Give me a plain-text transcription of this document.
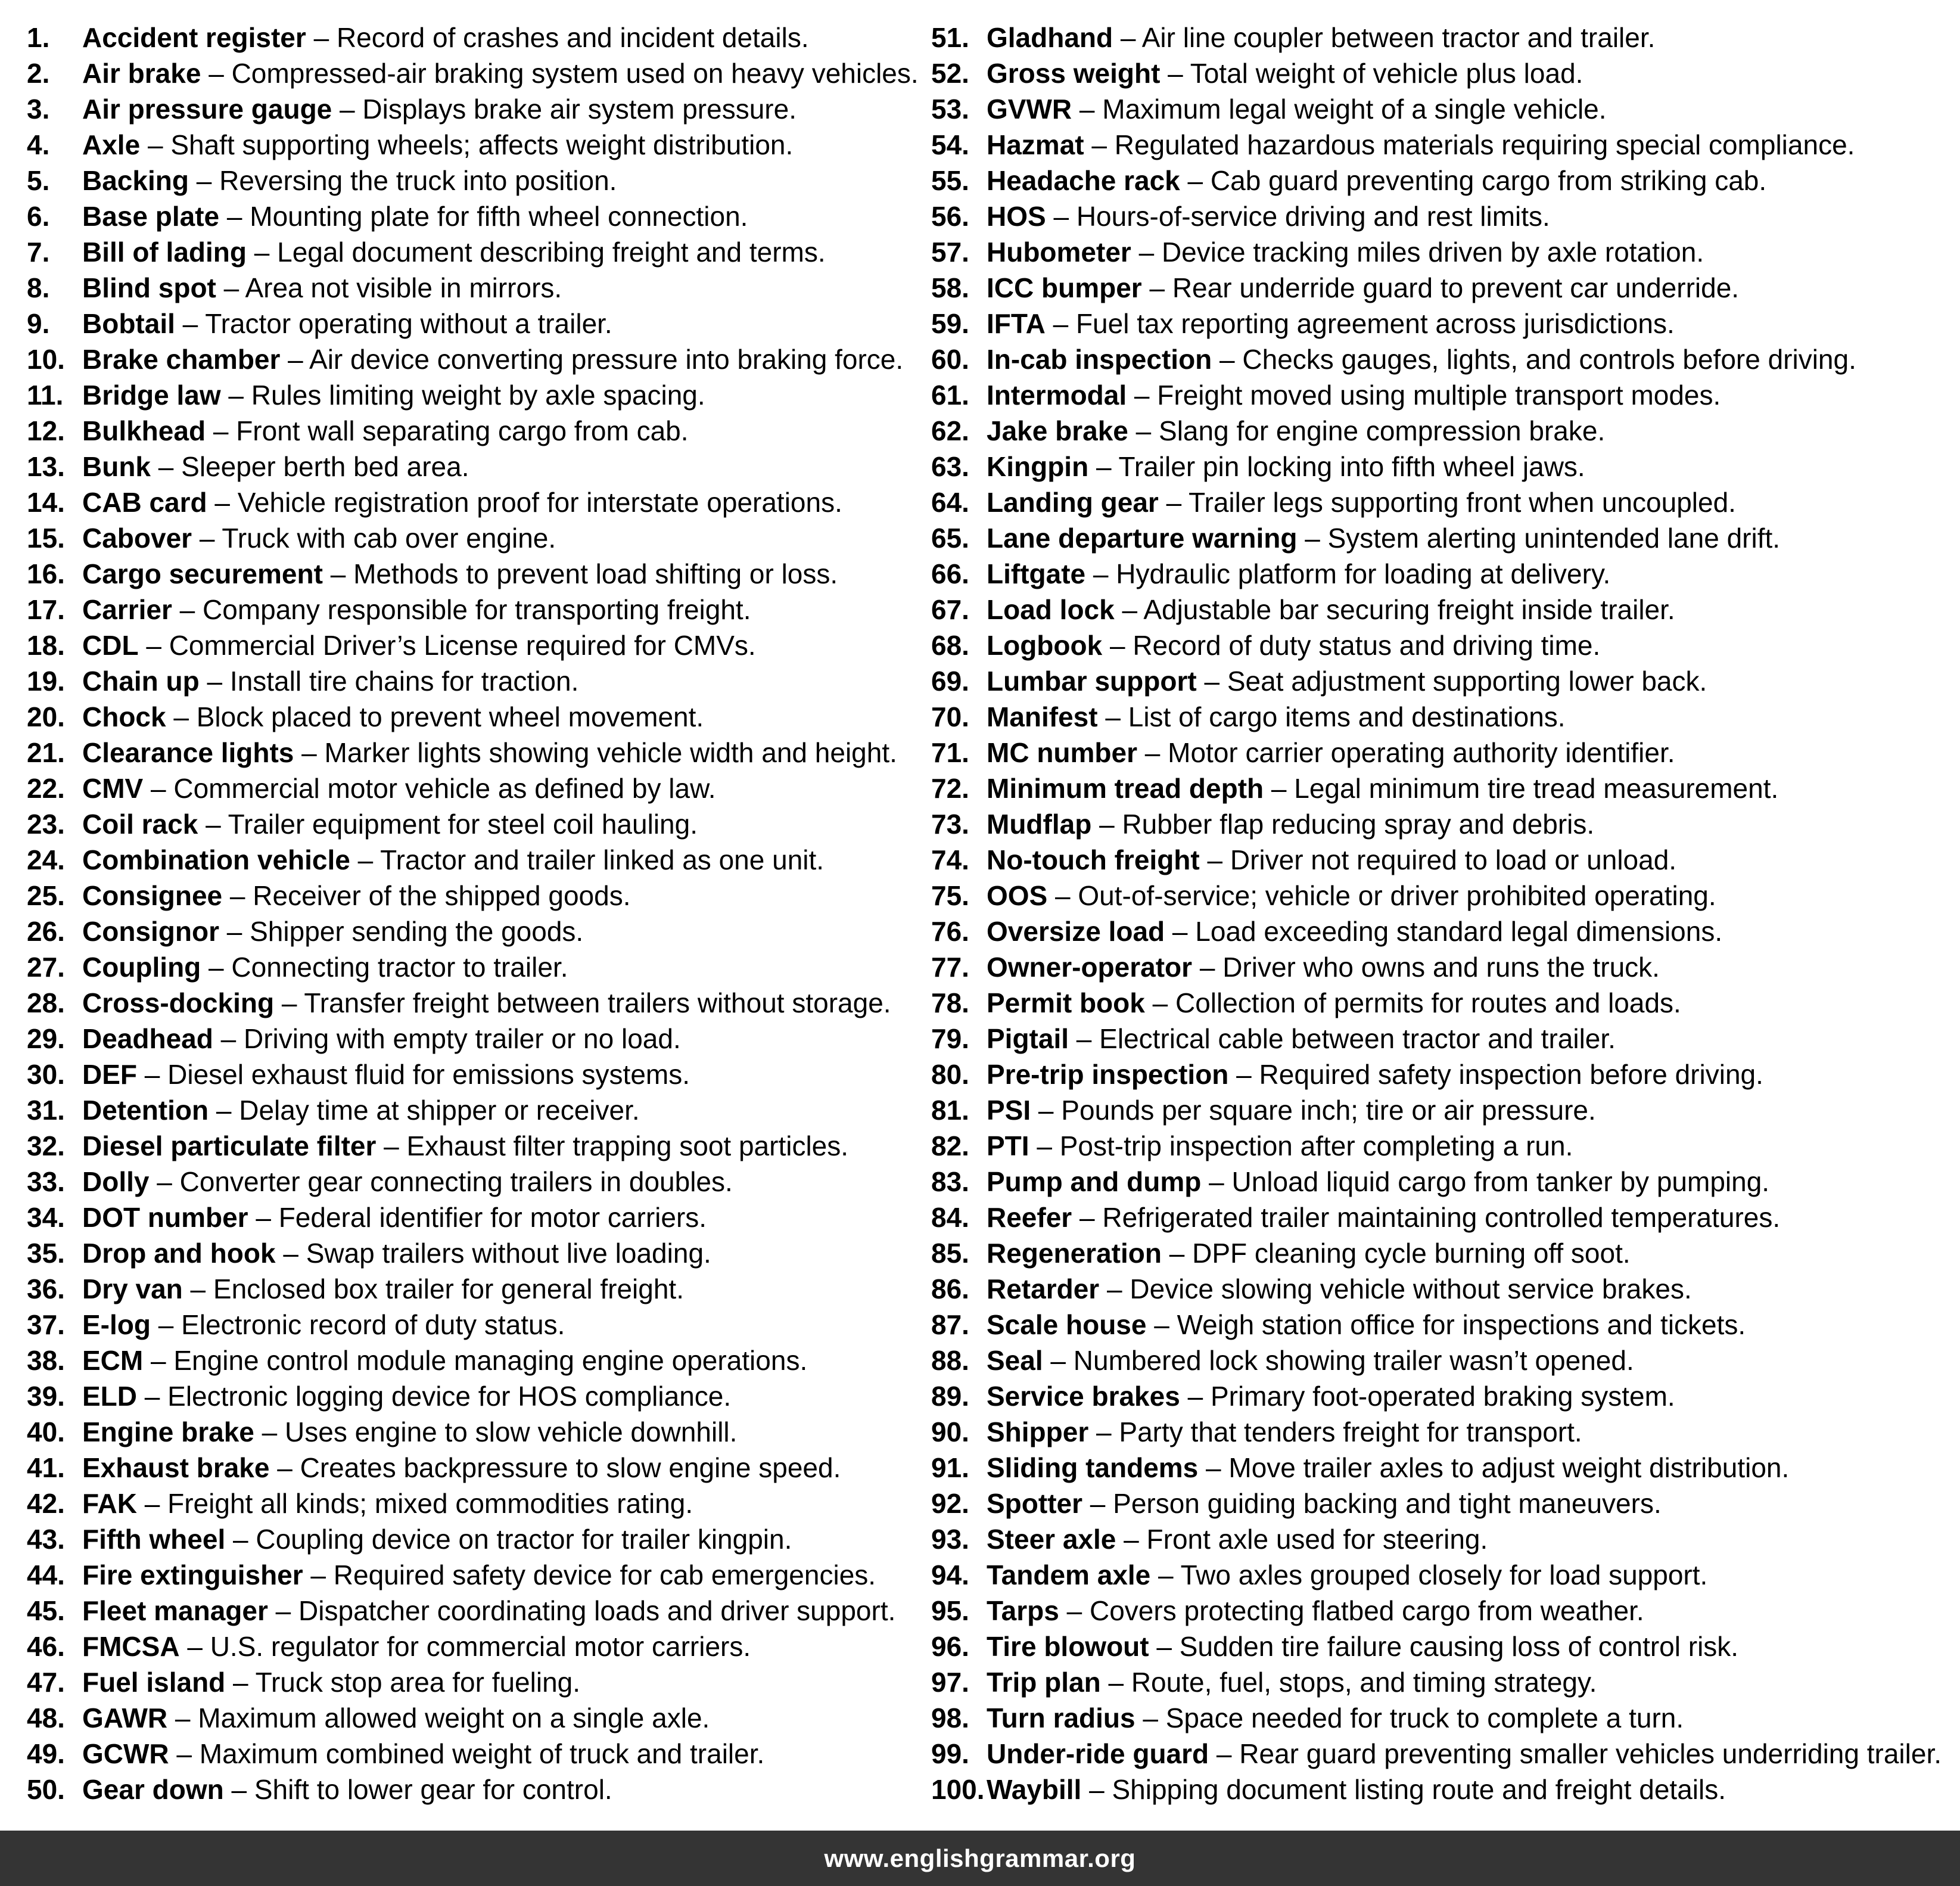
1.	Accident register – Record of crashes and incident details.
2.	Air brake – Compressed-air braking system used on heavy vehicles.
3.	Air pressure gauge – Displays brake air system pressure.
4.	Axle – Shaft supporting wheels; affects weight distribution.
5.	Backing – Reversing the truck into position.
6.	Base plate – Mounting plate for fifth wheel connection.
7.	Bill of lading – Legal document describing freight and terms.
8.	Blind spot – Area not visible in mirrors.
9.	Bobtail – Tractor operating without a trailer.
10. Brake chamber – Air device converting pressure into braking force.
11. Bridge law – Rules limiting weight by axle spacing.
12. Bulkhead – Front wall separating cargo from cab.
13. Bunk – Sleeper berth bed area.
14. CAB card – Vehicle registration proof for interstate operations.
15. Cabover – Truck with cab over engine.
16. Cargo securement – Methods to prevent load shifting or loss.
17. Carrier – Company responsible for transporting freight.
18. CDL – Commercial Driver’s License required for CMVs.
19. Chain up – Install tire chains for traction.
20. Chock – Block placed to prevent wheel movement.
21. Clearance lights – Marker lights showing vehicle width and height.
22. CMV – Commercial motor vehicle as defined by law.
23. Coil rack – Trailer equipment for steel coil hauling.
24. Combination vehicle – Tractor and trailer linked as one unit.
25. Consignee – Receiver of the shipped goods.
26. Consignor – Shipper sending the goods.
27. Coupling – Connecting tractor to trailer.
28. Cross-docking – Transfer freight between trailers without storage.
29. Deadhead – Driving with empty trailer or no load.
30. DEF – Diesel exhaust fluid for emissions systems.
31. Detention – Delay time at shipper or receiver.
32. Diesel particulate filter – Exhaust filter trapping soot particles.
33. Dolly – Converter gear connecting trailers in doubles.
34. DOT number – Federal identifier for motor carriers.
35. Drop and hook – Swap trailers without live loading.
36. Dry van – Enclosed box trailer for general freight.
37. E-log – Electronic record of duty status.
38. ECM – Engine control module managing engine operations.
39. ELD – Electronic logging device for HOS compliance.
40. Engine brake – Uses engine to slow vehicle downhill.
41. Exhaust brake – Creates backpressure to slow engine speed.
42. FAK – Freight all kinds; mixed commodities rating.
43. Fifth wheel – Coupling device on tractor for trailer kingpin.
44. Fire extinguisher – Required safety device for cab emergencies.
45. Fleet manager – Dispatcher coordinating loads and driver support.
46. FMCSA – U.S. regulator for commercial motor carriers.
47. Fuel island – Truck stop area for fueling.
48. GAWR – Maximum allowed weight on a single axle.
49. GCWR – Maximum combined weight of truck and trailer.
50. Gear down – Shift to lower gear for control.
51. Gladhand – Air line coupler between tractor and trailer.
52. Gross weight – Total weight of vehicle plus load.
53. GVWR – Maximum legal weight of a single vehicle.
54. Hazmat – Regulated hazardous materials requiring special compliance.
55. Headache rack – Cab guard preventing cargo from striking cab.
56. HOS – Hours-of-service driving and rest limits.
57. Hubometer – Device tracking miles driven by axle rotation.
58. ICC bumper – Rear underride guard to prevent car underride.
59. IFTA – Fuel tax reporting agreement across jurisdictions.
60. In-cab inspection – Checks gauges, lights, and controls before driving.
61. Intermodal – Freight moved using multiple transport modes.
62. Jake brake – Slang for engine compression brake.
63. Kingpin – Trailer pin locking into fifth wheel jaws.
64. Landing gear – Trailer legs supporting front when uncoupled.
65. Lane departure warning – System alerting unintended lane drift.
66. Liftgate – Hydraulic platform for loading at delivery.
67. Load lock – Adjustable bar securing freight inside trailer.
68. Logbook – Record of duty status and driving time.
69. Lumbar support – Seat adjustment supporting lower back.
70. Manifest – List of cargo items and destinations.
71. MC number – Motor carrier operating authority identifier.
72. Minimum tread depth – Legal minimum tire tread measurement.
73. Mudflap – Rubber flap reducing spray and debris.
74. No-touch freight – Driver not required to load or unload.
75. OOS – Out-of-service; vehicle or driver prohibited operating.
76. Oversize load – Load exceeding standard legal dimensions.
77. Owner-operator – Driver who owns and runs the truck.
78. Permit book – Collection of permits for routes and loads.
79. Pigtail – Electrical cable between tractor and trailer.
80. Pre-trip inspection – Required safety inspection before driving.
81. PSI – Pounds per square inch; tire or air pressure.
82. PTI – Post-trip inspection after completing a run.
83. Pump and dump – Unload liquid cargo from tanker by pumping.
84. Reefer – Refrigerated trailer maintaining controlled temperatures.
85. Regeneration – DPF cleaning cycle burning off soot.
86. Retarder – Device slowing vehicle without service brakes.
87. Scale house – Weigh station office for inspections and tickets.
88. Seal – Numbered lock showing trailer wasn’t opened.
89. Service brakes – Primary foot-operated braking system.
90. Shipper – Party that tenders freight for transport.
91. Sliding tandems – Move trailer axles to adjust weight distribution.
92. Spotter – Person guiding backing and tight maneuvers.
93. Steer axle – Front axle used for steering.
94. Tandem axle – Two axles grouped closely for load support.
95. Tarps – Covers protecting flatbed cargo from weather.
96. Tire blowout – Sudden tire failure causing loss of control risk.
97. Trip plan – Route, fuel, stops, and timing strategy.
98. Turn radius – Space needed for truck to complete a turn.
99. Under-ride guard – Rear guard preventing smaller vehicles underriding trailer.
100. Waybill – Shipping document listing route and freight details.
www.englishgrammar.org
